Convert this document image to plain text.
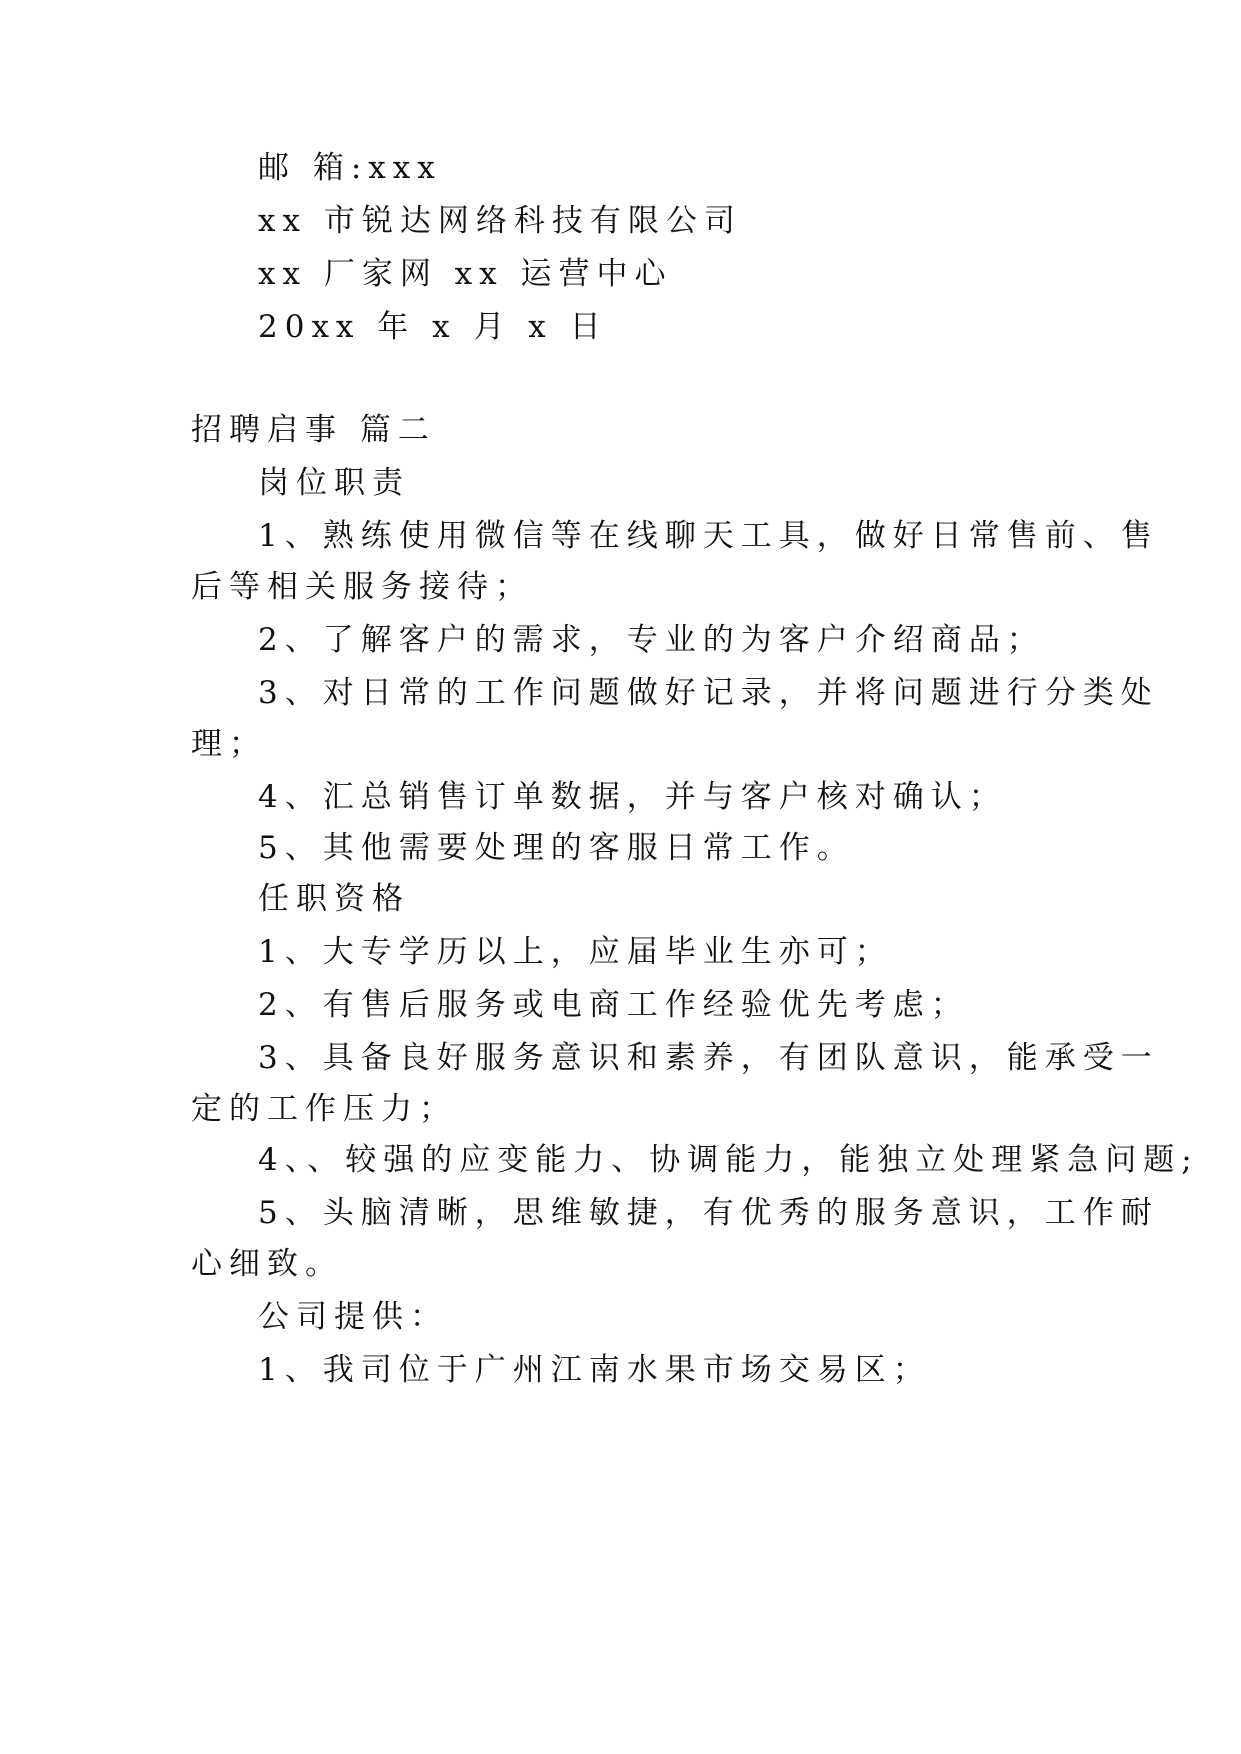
邮 箱:xxx
xx 市锐达网络科技有限公司
xx 厂家网 xx 运营中心
20xx 年 x 月 x 日
招聘启事 篇二
岗位职责
1、熟练使用微信等在线聊天工具，做好日常售前、售
后等相关服务接待；
2、了解客户的需求，专业的为客户介绍商品；
3、对日常的工作问题做好记录，并将问题进行分类处
理；
4、汇总销售订单数据，并与客户核对确认；
5、其他需要处理的客服日常工作。
任职资格
1、大专学历以上，应届毕业生亦可；
2、有售后服务或电商工作经验优先考虑；
3、具备良好服务意识和素养，有团队意识，能承受一
定的工作压力；
4、、较强的应变能力、协调能力，能独立处理紧急问题;
5、头脑清晰，思维敏捷，有优秀的服务意识，工作耐
心细致。
公司提供：
1、我司位于广州江南水果市场交易区；
